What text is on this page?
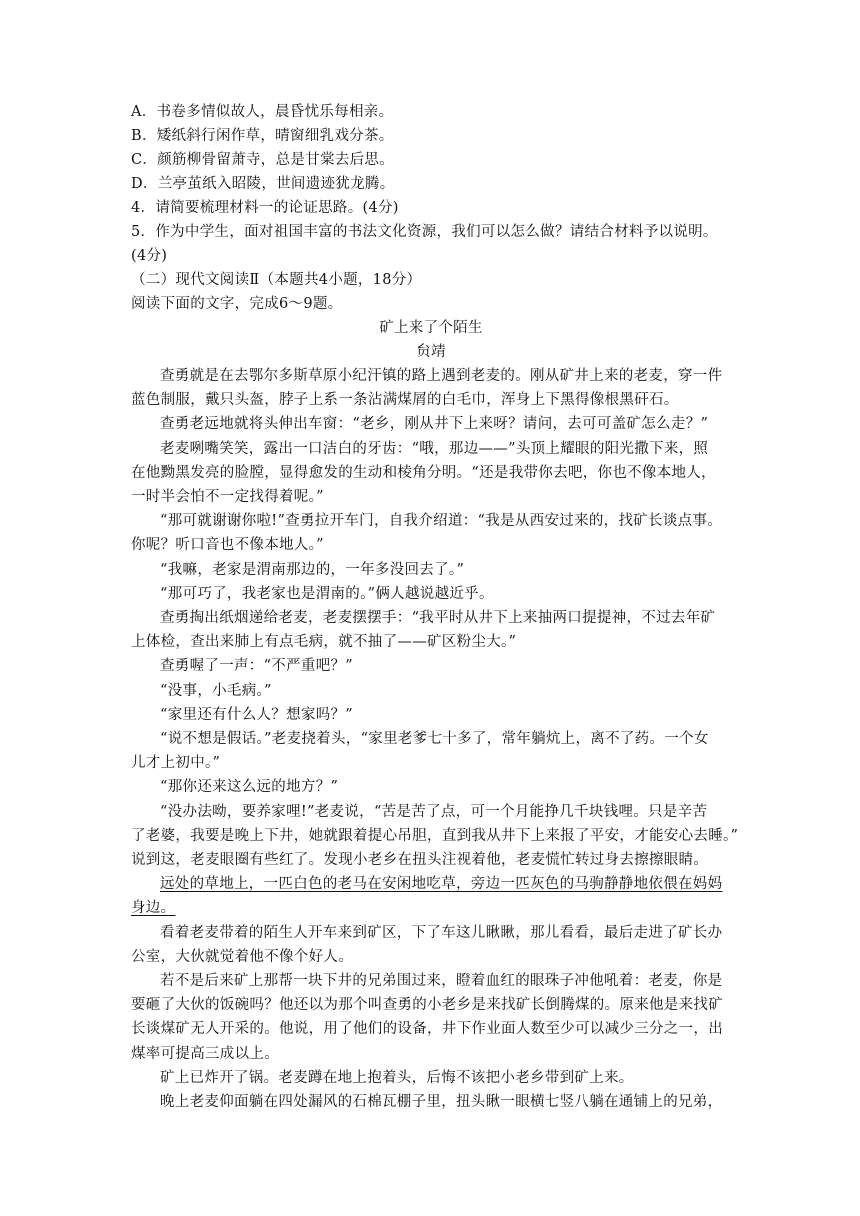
A．书卷多情似故人，晨昏忧乐每相亲。
B．矮纸斜行闲作草，晴窗细乳戏分茶。
C．颜筋柳骨留萧寺，总是甘棠去后思。
D．兰亭茧纸入昭陵，世间遗迹犹龙腾。
4．请简要梳理材料一的论证思路。(4分)
5．作为中学生，面对祖国丰富的书法文化资源，我们可以怎么做？请结合材料予以说明。
(4分)
（二）现代文阅读Ⅱ（本题共4小题，18分）
阅读下面的文字，完成6～9题。
矿上来了个陌生
贠靖
查勇就是在去鄂尔多斯草原小纪汗镇的路上遇到老麦的。刚从矿井上来的老麦，穿一件
蓝色制服，戴只头盔，脖子上系一条沾满煤屑的白毛巾，浑身上下黑得像根黑矸石。
查勇老远地就将头伸出车窗：“老乡，刚从井下上来呀？请问，去可可盖矿怎么走？”
老麦咧嘴笑笑，露出一口洁白的牙齿：“哦，那边——”头顶上耀眼的阳光撒下来，照
在他黝黑发亮的脸膛，显得愈发的生动和棱角分明。“还是我带你去吧，你也不像本地人，
一时半会怕不一定找得着呢。”
“那可就谢谢你啦!”查勇拉开车门，自我介绍道：“我是从西安过来的，找矿长谈点事。
你呢？听口音也不像本地人。”
“我嘛，老家是渭南那边的，一年多没回去了。”
“那可巧了，我老家也是渭南的。”俩人越说越近乎。
查勇掏出纸烟递给老麦，老麦摆摆手：“我平时从井下上来抽两口提提神，不过去年矿
上体检，查出来肺上有点毛病，就不抽了——矿区粉尘大。”
查勇喔了一声：“不严重吧？”
“没事，小毛病。”
“家里还有什么人？想家吗？”
“说不想是假话。”老麦挠着头，“家里老爹七十多了，常年躺炕上，离不了药。一个女
儿才上初中。”
“那你还来这么远的地方？”
“没办法呦，要养家哩!”老麦说，“苦是苦了点，可一个月能挣几千块钱哩。只是辛苦
了老婆，我要是晚上下井，她就跟着提心吊胆，直到我从井下上来报了平安，才能安心去睡。”
说到这，老麦眼圈有些红了。发现小老乡在扭头注视着他，老麦慌忙转过身去擦擦眼睛。
远处的草地上，一匹白色的老马在安闲地吃草，旁边一匹灰色的马驹静静地依偎在妈妈
身边。
看着老麦带着的陌生人开车来到矿区，下了车这儿瞅瞅，那儿看看，最后走进了矿长办
公室，大伙就觉着他不像个好人。
若不是后来矿上那帮一块下井的兄弟围过来，瞪着血红的眼珠子冲他吼着：老麦，你是
要砸了大伙的饭碗吗？他还以为那个叫查勇的小老乡是来找矿长倒腾煤的。原来他是来找矿
长谈煤矿无人开采的。他说，用了他们的设备，井下作业面人数至少可以减少三分之一，出
煤率可提高三成以上。
矿上已炸开了锅。老麦蹲在地上抱着头，后悔不该把小老乡带到矿上来。
晚上老麦仰面躺在四处漏风的石棉瓦棚子里，扭头瞅一眼横七竖八躺在通铺上的兄弟，
